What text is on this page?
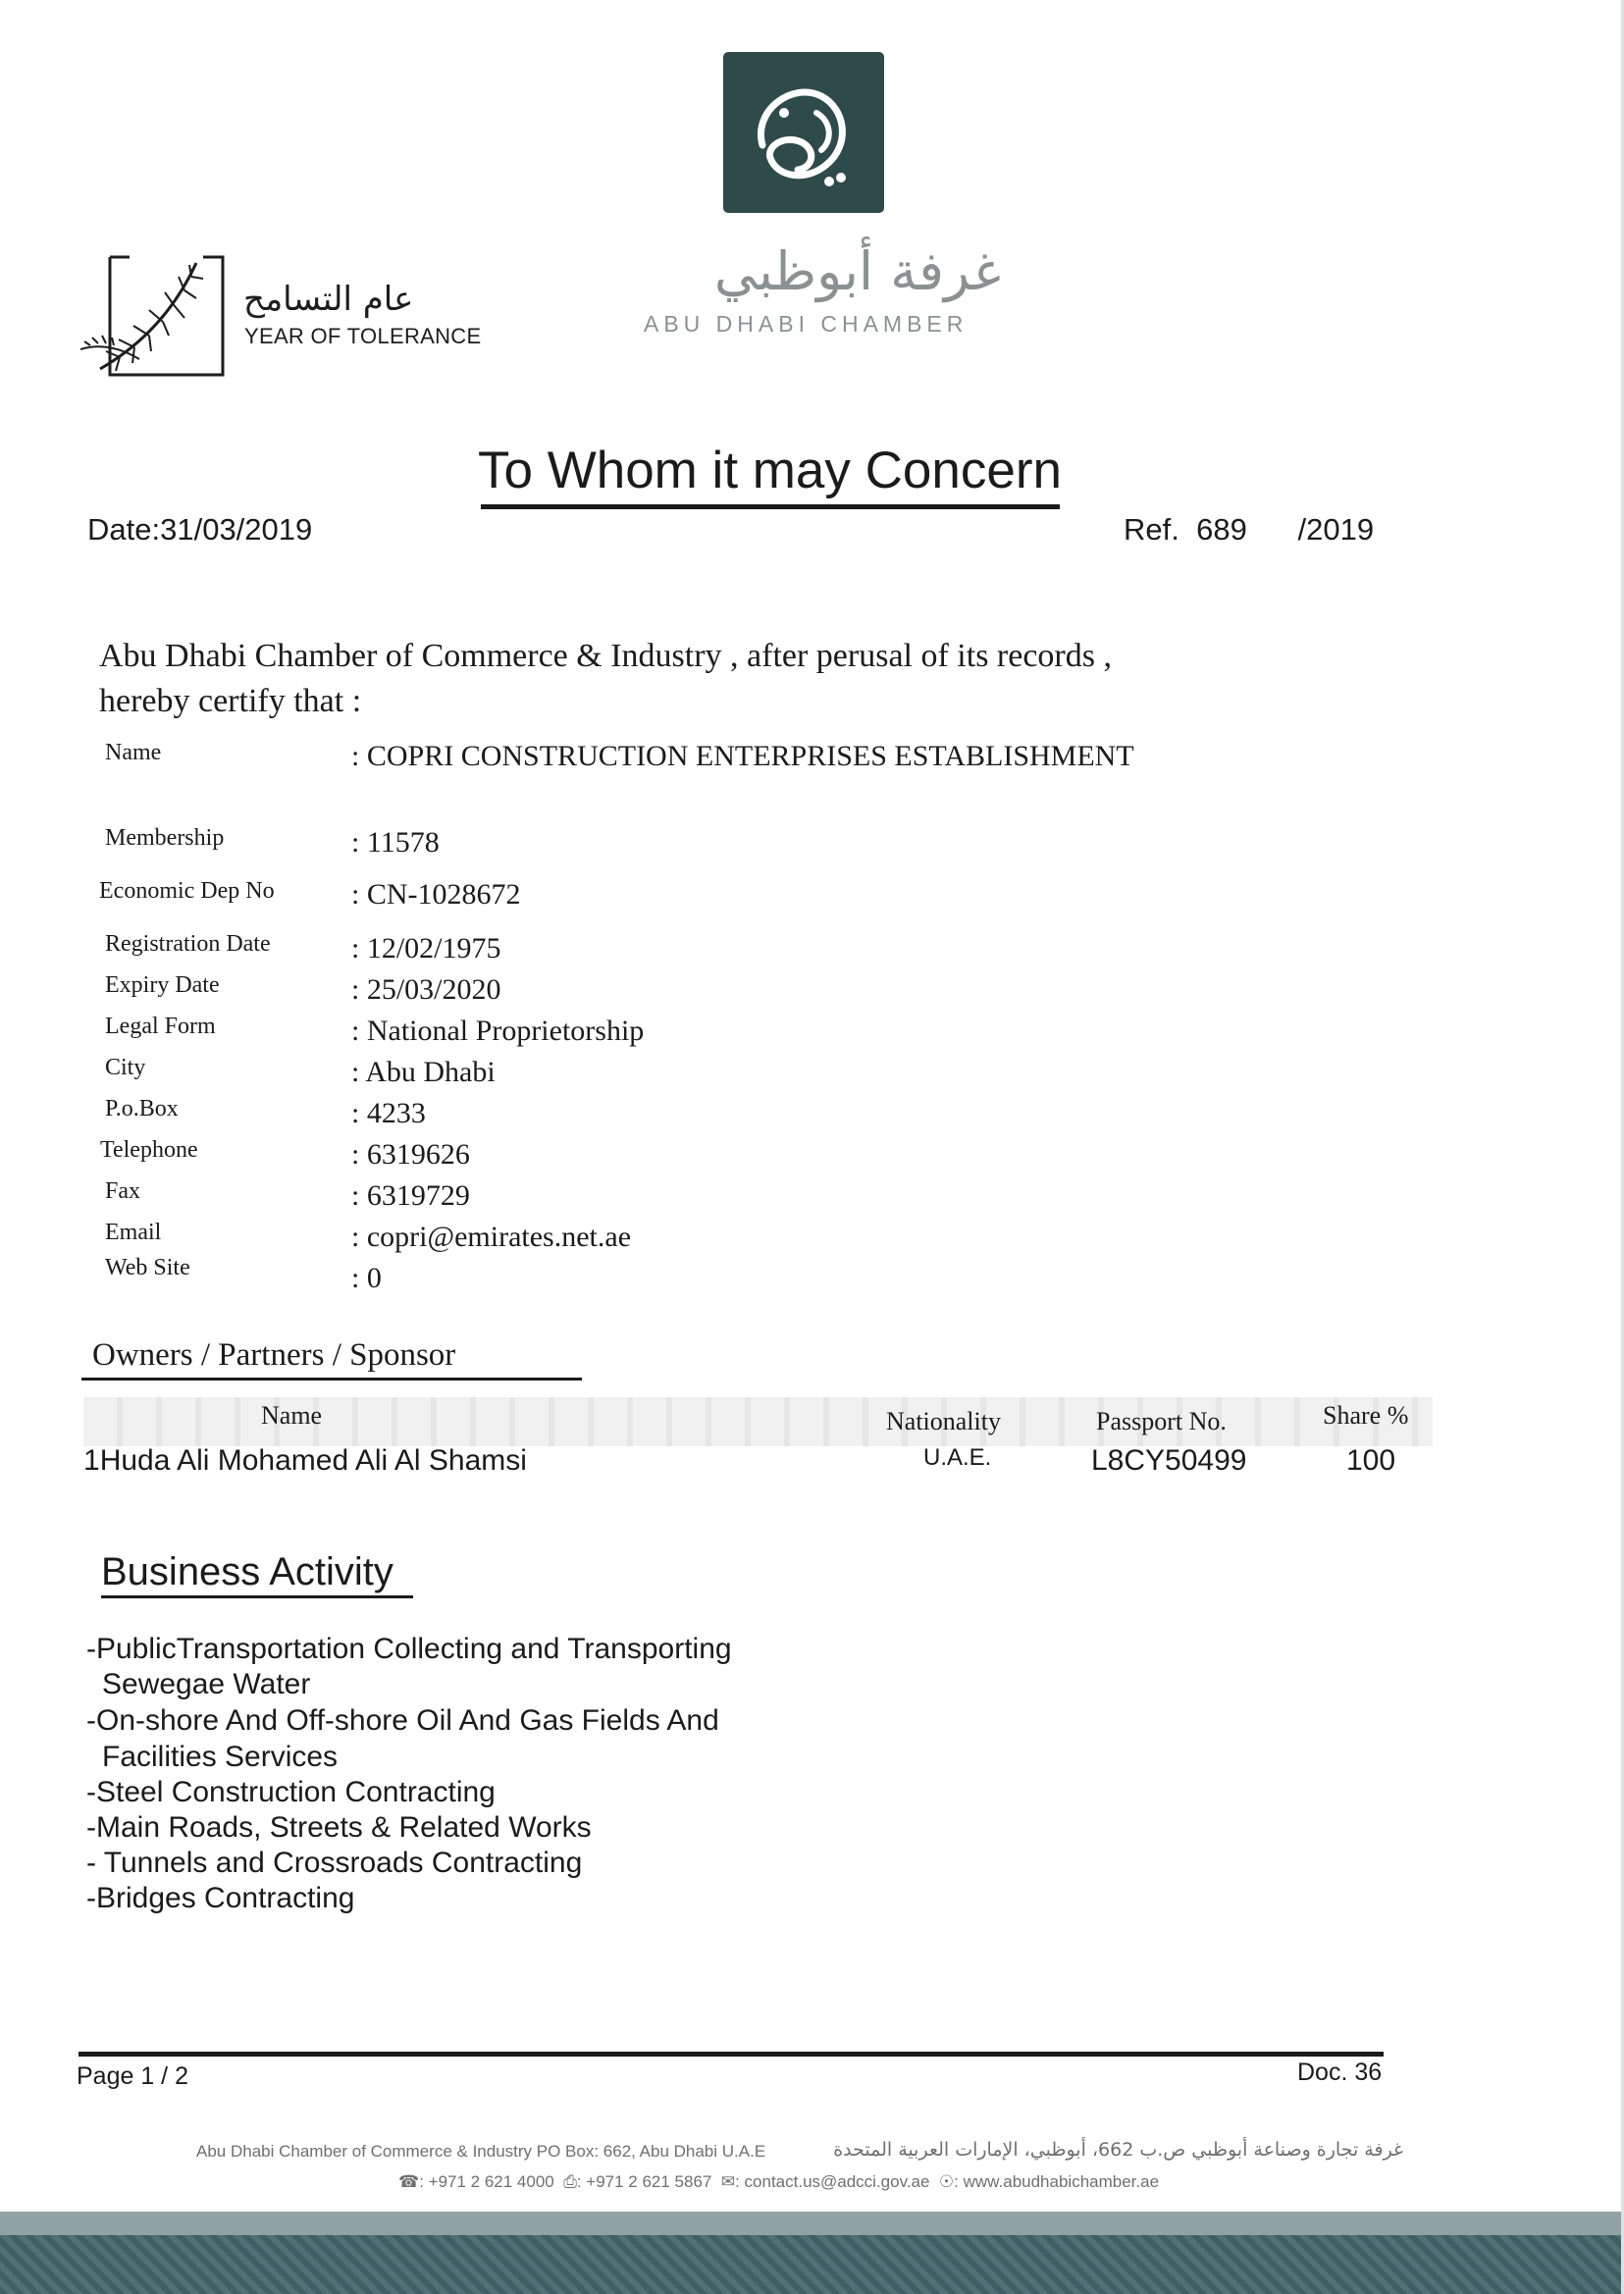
عام التسامح
YEAR OF TOLERANCE
غرفة أبوظبي
ABU DHABI CHAMBER
To Whom it may Concern
Date:31/03/2019	Ref. 689 /2019
Abu Dhabi Chamber of Commerce & Industry , after perusal of its records ,
hereby certify that :
Name	: COPRI CONSTRUCTION ENTERPRISES ESTABLISHMENT
Membership	: 11578
Economic Dep No	: CN-1028672
Registration Date	: 12/02/1975
Expiry Date	: 25/03/2020
Legal Form	: National Proprietorship
City	: Abu Dhabi
P.o.Box	: 4233
Telephone	: 6319626
Fax	: 6319729
Email	: copri@emirates.net.ae
Web Site	: 0
Owners / Partners / Sponsor
Name	Nationality	Passport No.	Share %
1Huda Ali Mohamed Ali Al Shamsi	U.A.E.	L8CY50499	100
Business Activity
-PublicTransportation Collecting and Transporting
Sewegae Water
-On-shore And Off-shore Oil And Gas Fields And
Facilities Services
-Steel Construction Contracting
-Main Roads, Streets & Related Works
- Tunnels and Crossroads Contracting
-Bridges Contracting
Page 1 / 2	Doc. 36
Abu Dhabi Chamber of Commerce & Industry PO Box: 662, Abu Dhabi U.A.E	غرفة تجارة وصناعة أبوظبي ص.ب 662، أبوظبي، الإمارات العربية المتحدة
☎: +971 2 621 4000 ⎙: +971 2 621 5867 ✉: contact.us@adcci.gov.ae ☉: www.abudhabichamber.ae
